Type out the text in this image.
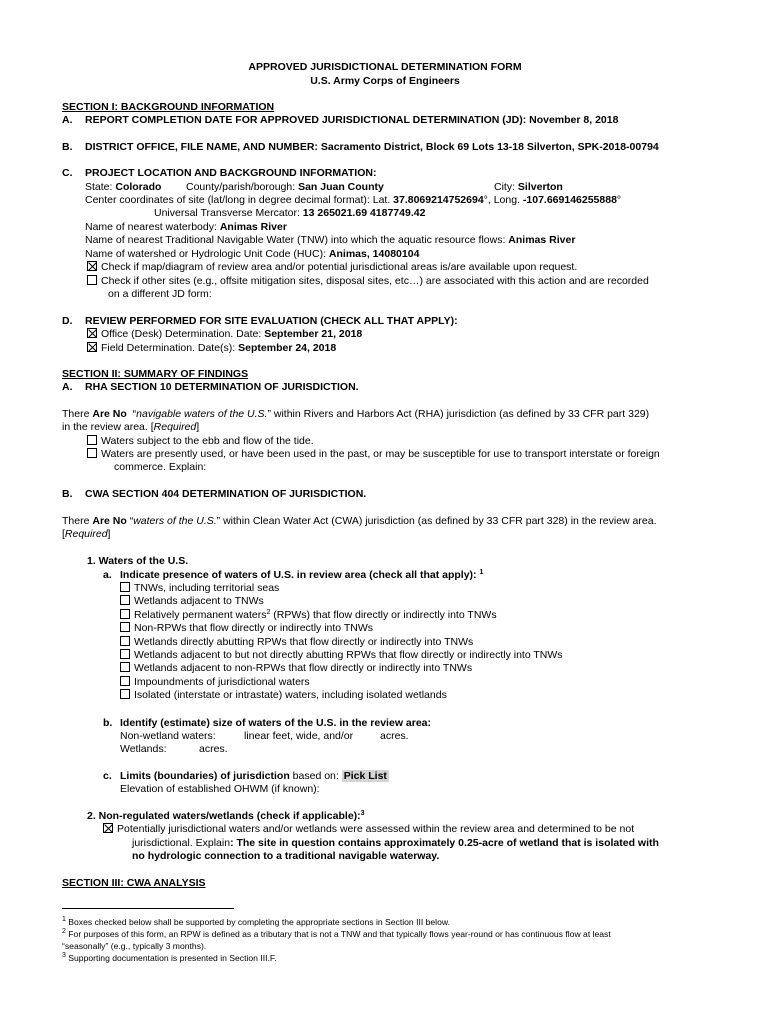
APPROVED JURISDICTIONAL DETERMINATION FORM
U.S. Army Corps of Engineers
SECTION I: BACKGROUND INFORMATION
A. REPORT COMPLETION DATE FOR APPROVED JURISDICTIONAL DETERMINATION (JD): November 8, 2018
B. DISTRICT OFFICE, FILE NAME, AND NUMBER: Sacramento District, Block 69 Lots 13-18 Silverton, SPK-2018-00794
C. PROJECT LOCATION AND BACKGROUND INFORMATION:
State: Colorado County/parish/borough: San Juan County	City: Silverton
Center coordinates of site (lat/long in degree decimal format): Lat. 37.8069214752694°, Long. -107.669146255888°
Universal Transverse Mercator: 13 265021.69 4187749.42
Name of nearest waterbody: Animas River
Name of nearest Traditional Navigable Water (TNW) into which the aquatic resource flows: Animas River
Name of watershed or Hydrologic Unit Code (HUC): Animas, 14080104
Check if map/diagram of review area and/or potential jurisdictional areas is/are available upon request.
Check if other sites (e.g., offsite mitigation sites, disposal sites, etc…) are associated with this action and are recorded
on a different JD form:
D. REVIEW PERFORMED FOR SITE EVALUATION (CHECK ALL THAT APPLY):
Office (Desk) Determination. Date: September 21, 2018
Field Determination. Date(s): September 24, 2018
SECTION II: SUMMARY OF FINDINGS
A. RHA SECTION 10 DETERMINATION OF JURISDICTION.
There Are No  “navigable waters of the U.S.” within Rivers and Harbors Act (RHA) jurisdiction (as defined by 33 CFR part 329)
in the review area. [Required]
Waters subject to the ebb and flow of the tide.
Waters are presently used, or have been used in the past, or may be susceptible for use to transport interstate or foreign
commerce. Explain:
B. CWA SECTION 404 DETERMINATION OF JURISDICTION.
There Are No “waters of the U.S.” within Clean Water Act (CWA) jurisdiction (as defined by 33 CFR part 328) in the review area.
[Required]
1. Waters of the U.S.
a. Indicate presence of waters of U.S. in review area (check all that apply): $^1$
TNWs, including territorial seas
Wetlands adjacent to TNWs
Relatively permanent waters$^2$ (RPWs) that flow directly or indirectly into TNWs
Non-RPWs that flow directly or indirectly into TNWs
Wetlands directly abutting RPWs that flow directly or indirectly into TNWs
Wetlands adjacent to but not directly abutting RPWs that flow directly or indirectly into TNWs
Wetlands adjacent to non-RPWs that flow directly or indirectly into TNWs
Impoundments of jurisdictional waters
Isolated (interstate or intrastate) waters, including isolated wetlands
b. Identify (estimate) size of waters of the U.S. in the review area:
Non-wetland waters:	linear feet, wide, and/or	acres.
Wetlands:	acres.
c. Limits (boundaries) of jurisdiction based on: Pick List
Elevation of established OHWM (if known):
2. Non-regulated waters/wetlands (check if applicable):$^3$
Potentially jurisdictional waters and/or wetlands were assessed within the review area and determined to be not
jurisdictional. Explain: The site in question contains approximately 0.25-acre of wetland that is isolated with
no hydrologic connection to a traditional navigable waterway.
SECTION III: CWA ANALYSIS
$^1$ Boxes checked below shall be supported by completing the appropriate sections in Section III below.
$^2$ For purposes of this form, an RPW is defined as a tributary that is not a TNW and that typically flows year-round or has continuous flow at least
“seasonally” (e.g., typically 3 months).
$^3$ Supporting documentation is presented in Section III.F.
